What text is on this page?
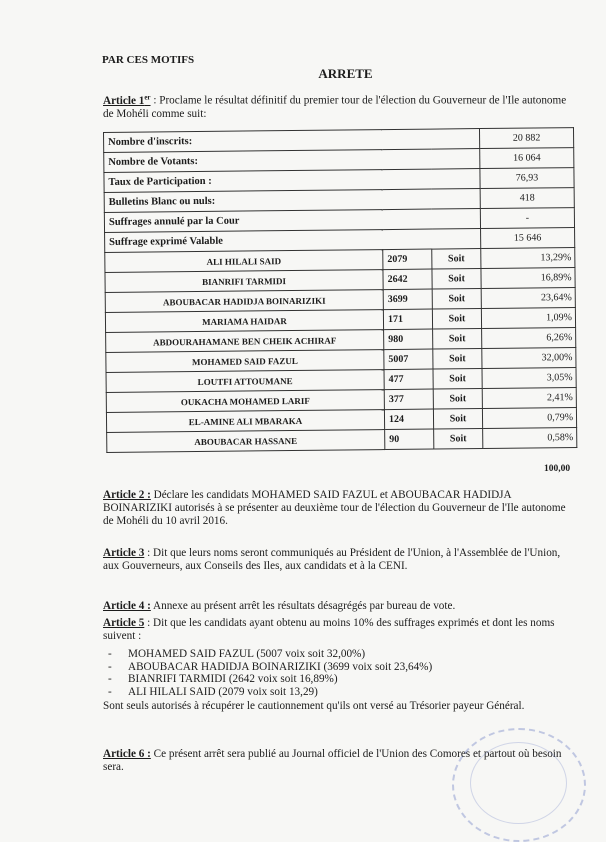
PAR CES MOTIFS
ARRETE
Article 1er : Proclame le résultat définitif du premier tour de l'élection du Gouverneur de l'Ile autonome de Mohéli comme suit:
Nombre d'inscrits:			20 882
Nombre de Votants:			16 064
Taux de Participation :			76,93
Bulletins Blanc ou nuls:			418
Suffrages annulé par la Cour			-
Suffrage exprimé Valable			15 646
ALI HILALI SAID	2079	Soit	13,29%
BIANRIFI TARMIDI	2642	Soit	16,89%
ABOUBACAR HADIDJA BOINARIZIKI	3699	Soit	23,64%
MARIAMA HAIDAR	171	Soit	1,09%
ABDOURAHAMANE BEN CHEIK ACHIRAF	980	Soit	6,26%
MOHAMED SAID FAZUL	5007	Soit	32,00%
LOUTFI ATTOUMANE	477	Soit	3,05%
OUKACHA MOHAMED LARIF	377	Soit	2,41%
EL-AMINE ALI MBARAKA	124	Soit	0,79%
ABOUBACAR HASSANE	90	Soit	0,58%
100,00
Article 2 : Déclare les candidats MOHAMED SAID FAZUL et ABOUBACAR HADIDJA BOINARIZIKI autorisés à se présenter au deuxième tour de l'élection du Gouverneur de l'Ile autonome de Mohéli du 10 avril 2016.
Article 3 : Dit que leurs noms seront communiqués au Président de l'Union, à l'Assemblée de l'Union, aux Gouverneurs, aux Conseils des Iles, aux candidats et à la CENI.
Article 4 : Annexe au présent arrêt les résultats désagrégés par bureau de vote.
Article 5 : Dit que les candidats ayant obtenu au moins 10% des suffrages exprimés et dont les noms suivent :
- MOHAMED SAID FAZUL (5007 voix soit 32,00%)
- ABOUBACAR HADIDJA BOINARIZIKI (3699 voix soit 23,64%)
- BIANRIFI TARMIDI (2642 voix soit 16,89%)
- ALI HILALI SAID (2079 voix soit 13,29)
Sont seuls autorisés à récupérer le cautionnement qu'ils ont versé au Trésorier payeur Général.
Article 6 : Ce présent arrêt sera publié au Journal officiel de l'Union des Comores et partout où besoin sera.
